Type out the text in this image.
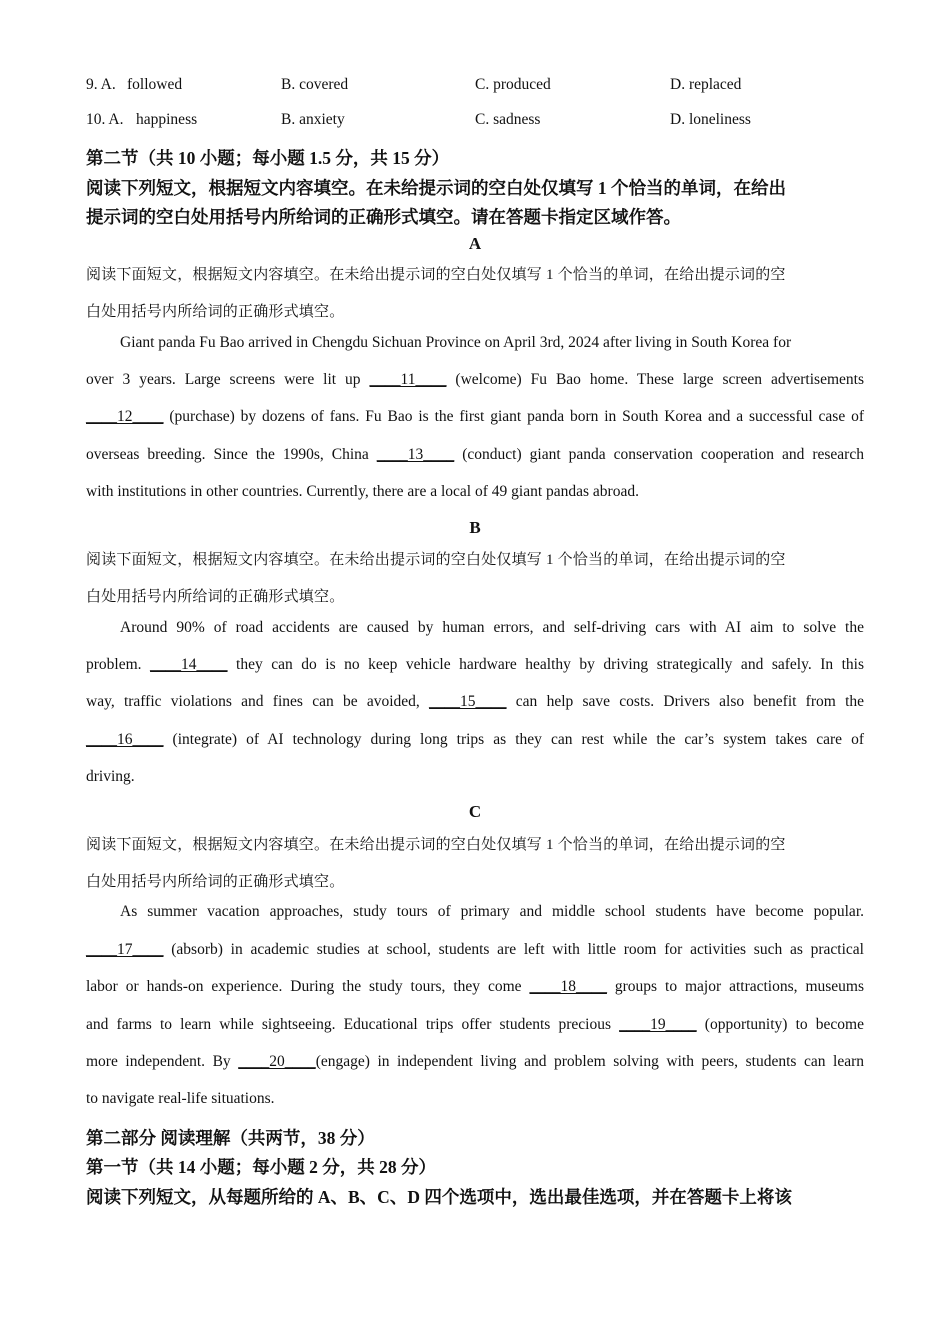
9. A. followed	B. covered	C. produced	D. replaced
10. A. happiness	B. anxiety	C. sadness	D. loneliness
第二节（共 10 小题；每小题 1.5 分，共 15 分）
阅读下列短文，根据短文内容填空。在未给提示词的空白处仅填写 1 个恰当的单词，在给出
提示词的空白处用括号内所给词的正确形式填空。请在答题卡指定区域作答。
A
阅读下面短文，根据短文内容填空。在未给出提示词的空白处仅填写 1 个恰当的单词，在给出提示词的空
白处用括号内所给词的正确形式填空。
Giant panda Fu Bao arrived in Chengdu Sichuan Province on April 3rd, 2024 after living in South Korea for
over 3 years. Large screens were lit up ____11____ (welcome) Fu Bao home. These large screen advertisements
____12____ (purchase) by dozens of fans. Fu Bao is the first giant panda born in South Korea and a successful case of
overseas breeding. Since the 1990s, China ____13____ (conduct) giant panda conservation cooperation and research
with institutions in other countries. Currently, there are a local of 49 giant pandas abroad.
B
阅读下面短文，根据短文内容填空。在未给出提示词的空白处仅填写 1 个恰当的单词，在给出提示词的空
白处用括号内所给词的正确形式填空。
Around 90% of road accidents are caused by human errors, and self-driving cars with AI aim to solve the
problem. ____14____ they can do is no keep vehicle hardware healthy by driving strategically and safely. In this
way, traffic violations and fines can be avoided, ____15____ can help save costs. Drivers also benefit from the
____16____ (integrate) of AI technology during long trips as they can rest while the car’s system takes care of
driving.
C
阅读下面短文，根据短文内容填空。在未给出提示词的空白处仅填写 1 个恰当的单词，在给出提示词的空
白处用括号内所给词的正确形式填空。
As summer vacation approaches, study tours of primary and middle school students have become popular.
____17____ (absorb) in academic studies at school, students are left with little room for activities such as practical
labor or hands-on experience. During the study tours, they come ____18____ groups to major attractions, museums
and farms to learn while sightseeing. Educational trips offer students precious ____19____ (opportunity) to become
more independent. By ____20____(engage) in independent living and problem solving with peers, students can learn
to navigate real-life situations.
第二部分 阅读理解（共两节，38 分）
第一节（共 14 小题；每小题 2 分，共 28 分）
阅读下列短文，从每题所给的 A、B、C、D 四个选项中，选出最佳选项，并在答题卡上将该
